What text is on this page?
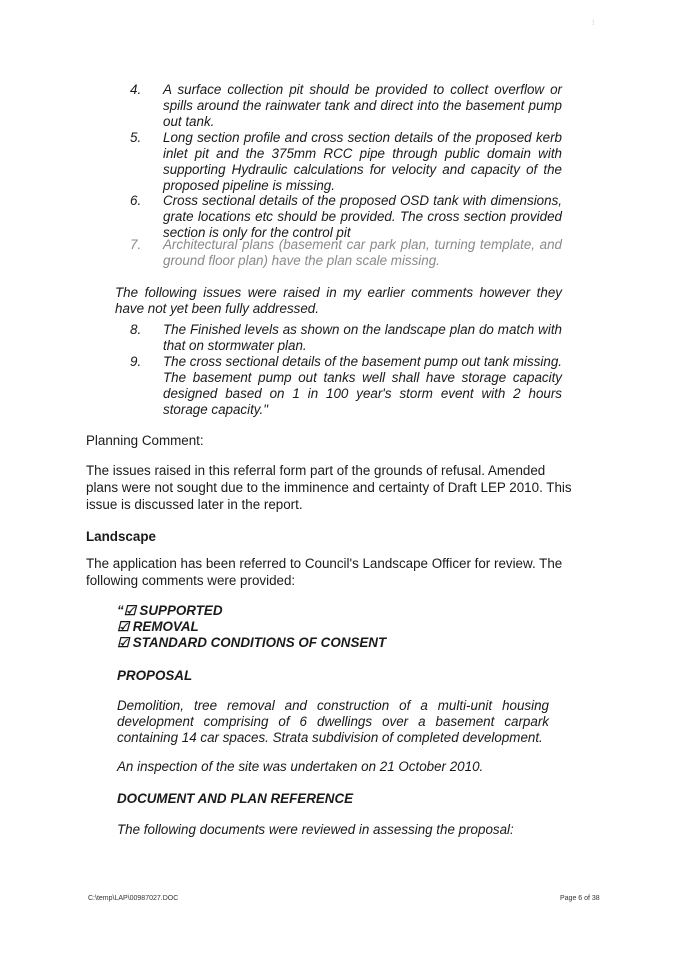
⁝
4.	A surface collection pit should be provided to collect overflow or spills around the rainwater tank and direct into the basement pump out tank.
5.	Long section profile and cross section details of the proposed kerb inlet pit and the 375mm RCC pipe through public domain with supporting Hydraulic calculations for velocity and capacity of the proposed pipeline is missing.
6.	Cross sectional details of the proposed OSD tank with dimensions, grate locations etc should be provided. The cross section provided section is only for the control pit
7.	Architectural plans (basement car park plan, turning template, and ground floor plan) have the plan scale missing.
The following issues were raised in my earlier comments however they have not yet been fully addressed.
8.	The Finished levels as shown on the landscape plan do match with that on stormwater plan.
9.	The cross sectional details of the basement pump out tank missing. The basement pump out tanks well shall have storage capacity designed based on 1 in 100 year's storm event with 2 hours storage capacity."
Planning Comment:
The issues raised in this referral form part of the grounds of refusal. Amended plans were not sought due to the imminence and certainty of Draft LEP 2010. This issue is discussed later in the report.
Landscape
The application has been referred to Council's Landscape Officer for review. The following comments were provided:
“☑ SUPPORTED
☑ REMOVAL
☑ STANDARD CONDITIONS OF CONSENT
PROPOSAL
Demolition, tree removal and construction of a multi-unit housing development comprising of 6 dwellings over a basement carpark containing 14 car spaces. Strata subdivision of completed development.
An inspection of the site was undertaken on 21 October 2010.
DOCUMENT AND PLAN REFERENCE
The following documents were reviewed in assessing the proposal:
C:\temp\LAP\00987027.DOC	Page 6 of 38
